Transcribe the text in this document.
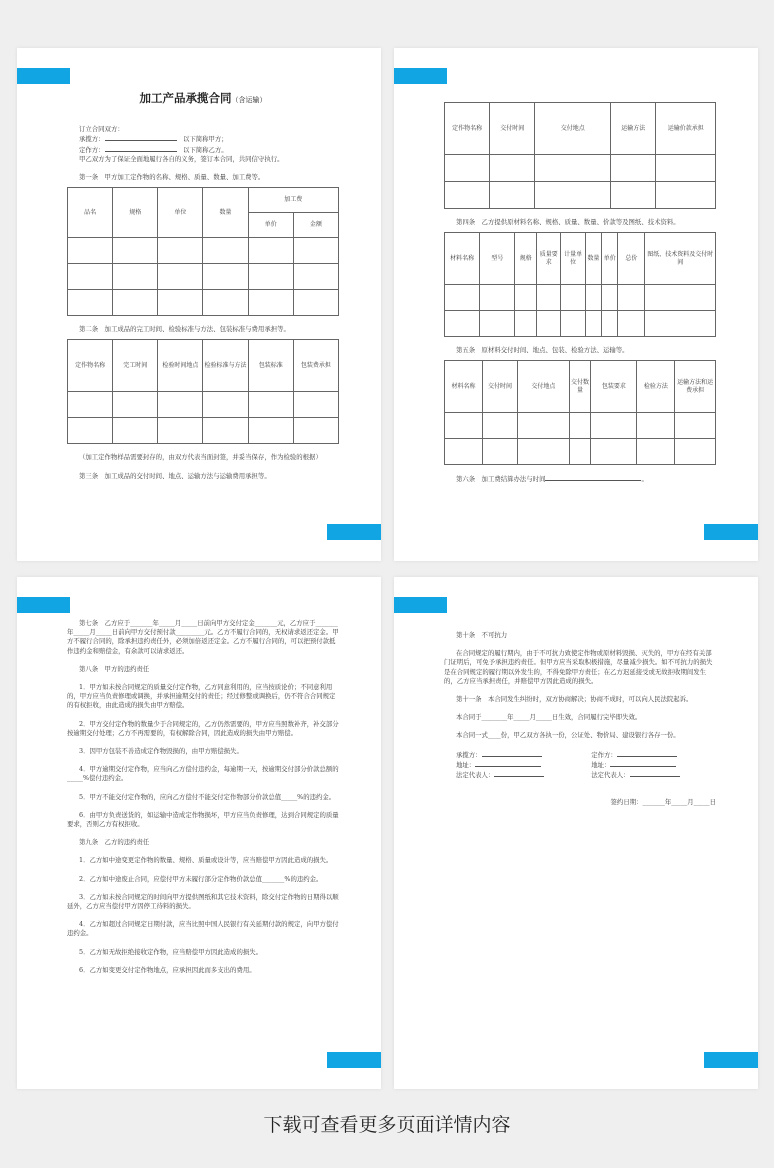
加工产品承揽合同（含运输）

订立合同双方：

承揽方：　	以下简称甲方；

定作方：　	以下简称乙方。

甲乙双方为了保证全面地履行各自的义务，签订本合同，共同信守执行。

第一条　甲方加工定作物的名称、规格、质量、数量、加工费等。

品名	规格	单位	数量	加工费	
				单价	金额

第二条　加工成品的完工时间、检验标准与方法、包装标准与费用承担等。

定作物名称	完工时间	检验时间地点	检验标准与方法	包装标准	包装费承担

（加工定作物样品需要封存的，由双方代表当面封签，并妥当保存，作为检验的根据）

第三条　加工成品的交付时间、地点、运输方法与运输费用承担等。

定作物名称	交付时间	交付地点	运输方法	运输价款承担

第四条　乙方提供原材料名称、规格、质量、数量、价款等及图纸、技术资料。

材料名称	型号	规格	质量要求	计量单位	数量	单价	总价	图纸、技术资料及交付时间

第五条　原材料交付时间、地点、包装、检验方法、运输等。

材料名称	交付时间	交付地点	交付数量	包装要求	检验方法	运输方法和运费承担

第六条　加工费结算办法与时间	。

第七条　乙方应于_______年_____月_____日前向甲方交付定金_______元，乙方应于_______年_____月_____日前向甲方交付预付款_________元。乙方不履行合同的，无权请求返还定金。甲方不履行合同的，除承担违约责任外，必须加倍返还定金。乙方不履行合同的，可以把预付款抵作违约金和赔偿金，有余款可以请求返还。

第八条　甲方的违约责任

1．甲方如未按合同规定的质量交付定作物，乙方同意利用的，应当按质论价；不同意利用的，甲方应当负责修理或调换，并承担逾期交付的责任；经过修整或调换后，仍不符合合同规定的有权拒收，由此造成的损失由甲方赔偿。

2．甲方交付定作物的数量少于合同规定的，乙方仍然需要的，甲方应当照数补齐，补交部分按逾期交付处理；乙方不再需要的，有权解除合同，因此造成的损失由甲方赔偿。

3．因甲方包装不善造成定作物毁损的，由甲方赔偿损失。

4．甲方逾期交付定作物，应当向乙方偿付违约金，每逾期一天，按逾期交付部分价款总额的_____%偿付违约金。

5．甲方不能交付定作物的，应向乙方偿付不能交付定作物部分价款总值_____%的违约金。

6．由甲方负责送货的，如运输中造成定作物损坏，甲方应当负责修理，达到合同规定的质量要求，否则乙方有权拒收。

第九条　乙方的违约责任

1．乙方如中途变更定作物的数量、规格、质量或设计等，应当赔偿甲方因此造成的损失。

2．乙方如中途废止合同，应偿付甲方未履行部分定作物价款总值_______%的违约金。

3．乙方如未按合同规定的时间向甲方提供图纸和其它技术资料，除交付定作物的日期得以顺延外，乙方应当偿付甲方因停工待料的损失。

4．乙方如超过合同规定日期付款，应当比照中国人民银行有关延期付款的规定，向甲方偿付违约金。

5．乙方如无故拒绝接收定作物，应当赔偿甲方因此造成的损失。

6．乙方如变更交付定作物地点，应承担因此而多支出的费用。

第十条　不可抗力

在合同规定的履行期内，由于不可抗力致使定作物或原材料毁损、灭失的，甲方在经有关部门证明后，可免予承担违约责任。但甲方应当采取积极措施，尽量减少损失。如不可抗力的损失是在合同规定的履行期以外发生的，不得免除甲方责任；在乙方迟延接受或无故拒收期间发生的，乙方应当承担责任，并赔偿甲方因此造成的损失。

第十一条　本合同发生纠纷时，双方协商解决；协商不成时，可以向人民法院起诉。

本合同于________年_____月_____日生效，合同履行完毕即失效。

本合同一式____份，甲乙双方各执一份，公证处、物价局、建设银行各存一份。

承揽方：

地址：

法定代表人：

定作方：

地址：

法定代表人：

签约日期：_______年_____月_____日

下载可查看更多页面详情内容
